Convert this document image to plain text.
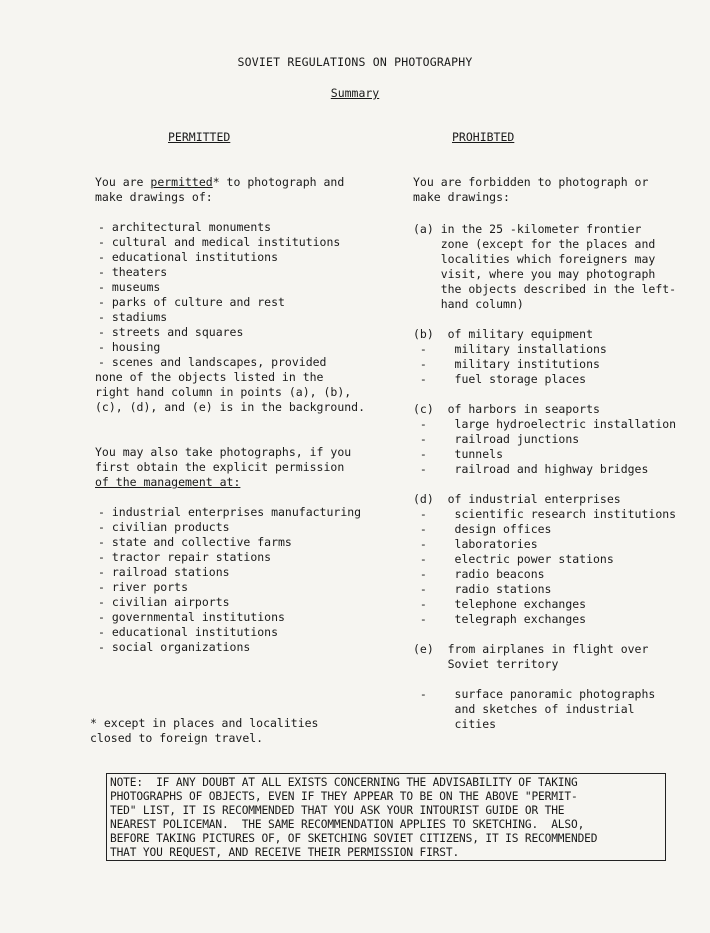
SOVIET REGULATIONS ON PHOTOGRAPHY
Summary
PERMITTED	PROHIBTED
You are permitted* to photograph and
make drawings of:
- architectural monuments
- cultural and medical institutions
- educational institutions
- theaters
- museums
- parks of culture and rest
- stadiums
- streets and squares
- housing
- scenes and landscapes, provided
none of the objects listed in the
right hand column in points (a), (b),
(c), (d), and (e) is in the background.
You may also take photographs, if you
first obtain the explicit permission
of the management at:
- industrial enterprises manufacturing
- civilian products
- state and collective farms
- tractor repair stations
- railroad stations
- river ports
- civilian airports
- governmental institutions
- educational institutions
- social organizations
* except in places and localities
closed to foreign travel.
You are forbidden to photograph or
make drawings:
(a) in the 25 -kilometer frontier
zone (except for the places and
localities which foreigners may
visit, where you may photograph
the objects described in the left-
hand column)
(b)  of military equipment
-    military installations
-    military institutions
-    fuel storage places
(c)  of harbors in seaports
-    large hydroelectric installation
-    railroad junctions
-    tunnels
-    railroad and highway bridges
(d)  of industrial enterprises
-    scientific research institutions
-    design offices
-    laboratories
-    electric power stations
-    radio beacons
-    radio stations
-    telephone exchanges
-    telegraph exchanges
(e)  from airplanes in flight over
Soviet territory
-    surface panoramic photographs
and sketches of industrial
cities
NOTE:  IF ANY DOUBT AT ALL EXISTS CONCERNING THE ADVISABILITY OF TAKING
PHOTOGRAPHS OF OBJECTS, EVEN IF THEY APPEAR TO BE ON THE ABOVE "PERMIT-
TED" LIST, IT IS RECOMMENDED THAT YOU ASK YOUR INTOURIST GUIDE OR THE
NEAREST POLICEMAN.  THE SAME RECOMMENDATION APPLIES TO SKETCHING.  ALSO,
BEFORE TAKING PICTURES OF, OF SKETCHING SOVIET CITIZENS, IT IS RECOMMENDED
THAT YOU REQUEST, AND RECEIVE THEIR PERMISSION FIRST.
